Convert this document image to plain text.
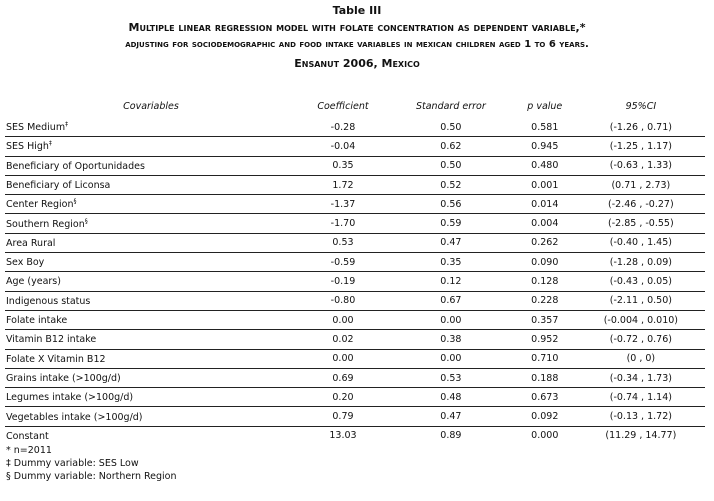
Table III
Multiple linear regression model with folate concentration as dependent variable,*
adjusting for sociodemographic and food intake variables in mexican children aged 1 to 6 years.
Ensanut 2006, Mexico
Covariables	Coefficient	Standard error	p value	95%CI
SES Medium‡	-0.28	0.50	0.581	(-1.26 , 0.71)
SES High‡	-0.04	0.62	0.945	(-1.25 , 1.17)
Beneficiary of Oportunidades	0.35	0.50	0.480	(-0.63 , 1.33)
Beneficiary of Liconsa	1.72	0.52	0.001	(0.71 , 2.73)
Center Region§	-1.37	0.56	0.014	(-2.46 , -0.27)
Southern Region§	-1.70	0.59	0.004	(-2.85 , -0.55)
Area Rural	0.53	0.47	0.262	(-0.40 , 1.45)
Sex Boy	-0.59	0.35	0.090	(-1.28 , 0.09)
Age (years)	-0.19	0.12	0.128	(-0.43 , 0.05)
Indigenous status	-0.80	0.67	0.228	(-2.11 , 0.50)
Folate intake	0.00	0.00	0.357	(-0.004 , 0.010)
Vitamin B12 intake	0.02	0.38	0.952	(-0.72 , 0.76)
Folate X Vitamin B12	0.00	0.00	0.710	(0 , 0)
Grains intake (>100g/d)	0.69	0.53	0.188	(-0.34 , 1.73)
Legumes intake (>100g/d)	0.20	0.48	0.673	(-0.74 , 1.14)
Vegetables intake (>100g/d)	0.79	0.47	0.092	(-0.13 , 1.72)
Constant	13.03	0.89	0.000	(11.29 , 14.77)
* n=2011
‡ Dummy variable: SES Low
§ Dummy variable: Northern Region
